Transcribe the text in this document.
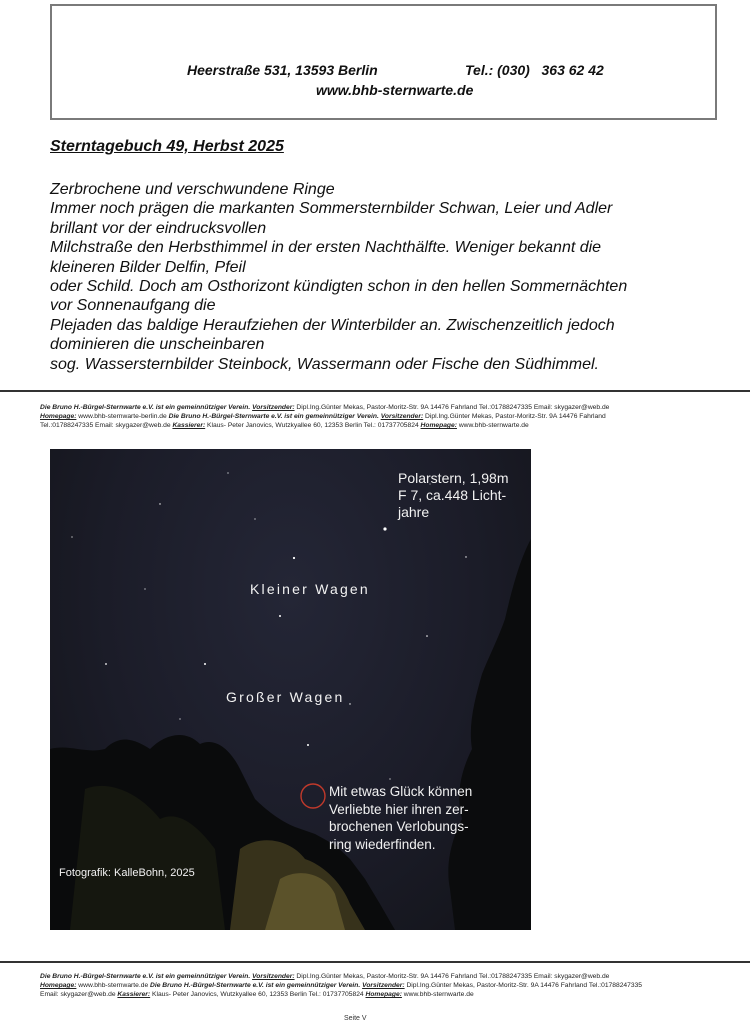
Heerstraße 531, 13593 Berlin	Tel.: (030)   363 62 42
www.bhb-sternwarte.de
Sterntagebuch 49, Herbst 2025
Zerbrochene und verschwundene Ringe
Immer noch prägen die markanten Sommersternbilder Schwan, Leier und Adler
brillant vor der eindrucksvollen
Milchstraße den Herbsthimmel in der ersten Nachthälfte. Weniger bekannt die
kleineren Bilder Delfin, Pfeil
oder Schild. Doch am Osthorizont kündigten schon in den hellen Sommernächten
vor Sonnenaufgang die
Plejaden das baldige Heraufziehen der Winterbilder an. Zwischenzeitlich jedoch
dominieren die unscheinbaren
sog. Wassersternbilder Steinbock, Wassermann oder Fische den Südhimmel.
Die Bruno H.-Bürgel-Sternwarte e.V. ist ein gemeinnütziger Verein. Vorsitzender: Dipl.Ing.Günter Mekas, Pastor-Moritz-Str. 9A 14476 Fahrland Tel.:01788247335 Email: skygazer@web.de
Homepage: www.bhb-sternwarte-berlin.de Die Bruno H.-Bürgel-Sternwarte e.V. ist ein gemeinnütziger Verein. Vorsitzender: Dipl.Ing.Günter Mekas, Pastor-Moritz-Str. 9A 14476 Fahrland
Tel.:01788247335 Email: skygazer@web.de Kassierer: Klaus- Peter Janovics, Wutzkyallee 60, 12353 Berlin Tel.: 01737705824 Homepage: www.bhb-sternwarte.de
Polarstern, 1,98m
F 7, ca.448 Licht-
jahre
Kleiner Wagen
Großer Wagen
Mit etwas Glück können
Verliebte hier ihren zer-
brochenen Verlobungs-
ring wiederfinden.
Fotografik: KalleBohn, 2025
Die Bruno H.-Bürgel-Sternwarte e.V. ist ein gemeinnütziger Verein. Vorsitzender: Dipl.Ing.Günter Mekas, Pastor-Moritz-Str. 9A 14476 Fahrland Tel.:01788247335 Email: skygazer@web.de
Homepage: www.bhb-sternwarte.de Die Bruno H.-Bürgel-Sternwarte e.V. ist ein gemeinnütziger Verein. Vorsitzender: Dipl.Ing.Günter Mekas, Pastor-Moritz-Str. 9A 14476 Fahrland Tel.:01788247335
Email: skygazer@web.de Kassierer: Klaus- Peter Janovics, Wutzkyallee 60, 12353 Berlin Tel.: 01737705824 Homepage: www.bhb-sternwarte.de
Seite V
